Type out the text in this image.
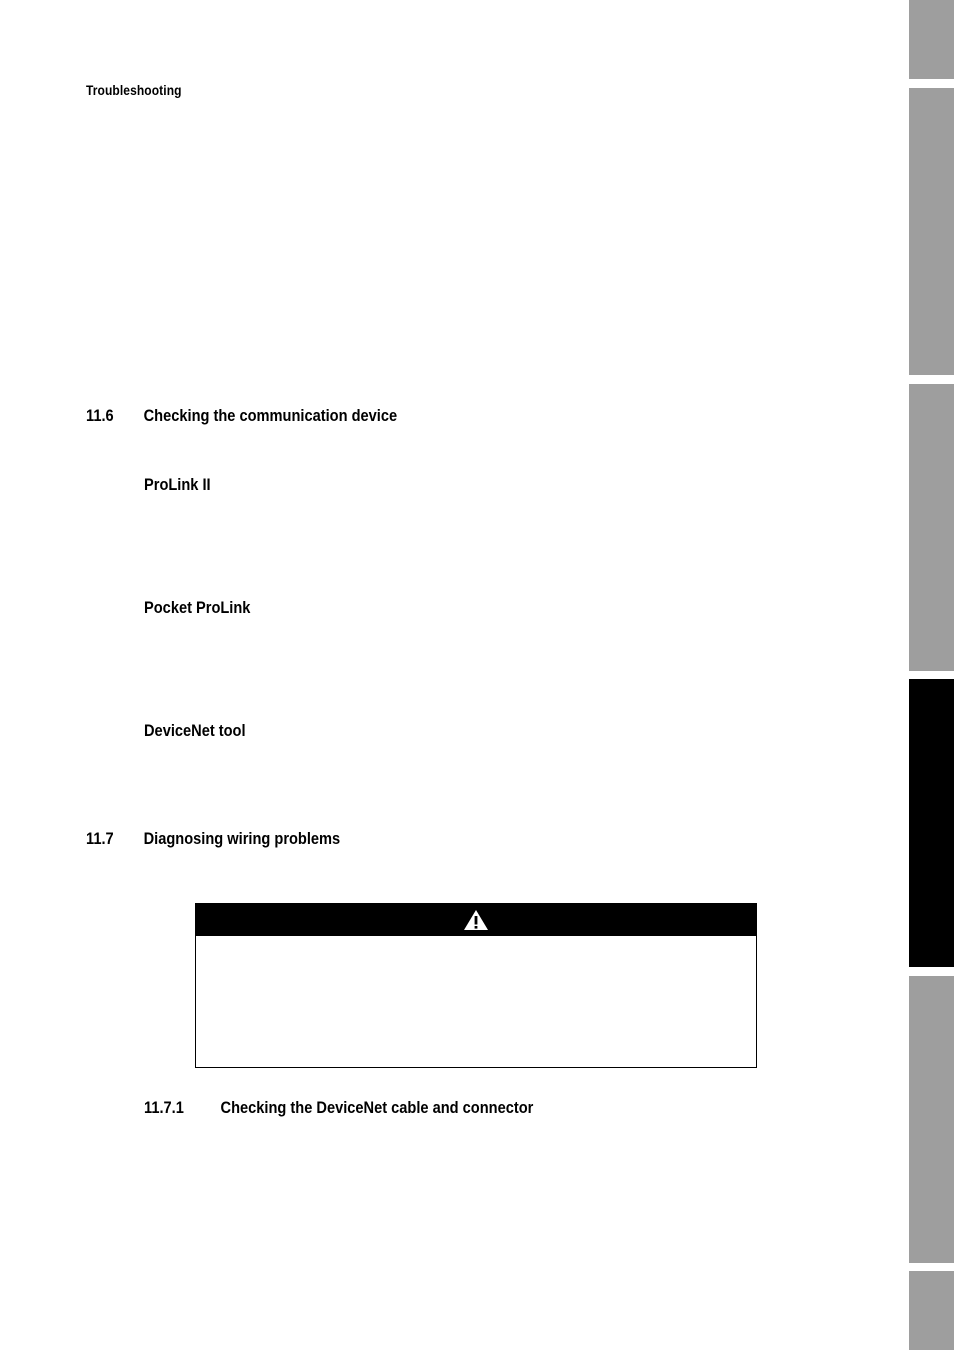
Troubleshooting
11.6 Checking the communication device
ProLink II
Pocket ProLink
DeviceNet tool
11.7 Diagnosing wiring problems
11.7.1 Checking the DeviceNet cable and connector
